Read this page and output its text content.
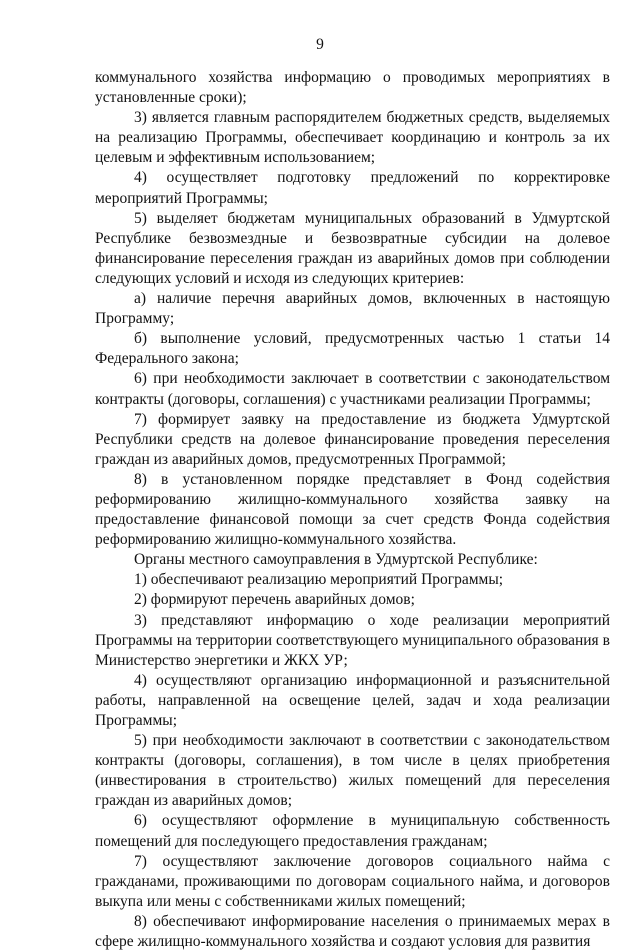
9

коммунального хозяйства информацию о проводимых мероприятиях в установленные сроки);

3) является главным распорядителем бюджетных средств, выделяемых на реализацию Программы, обеспечивает координацию и контроль за их целевым и эффективным использованием;

4) осуществляет подготовку предложений по корректировке мероприятий Программы;

5) выделяет бюджетам муниципальных образований в Удмуртской Республике безвозмездные и безвозвратные субсидии на долевое финансирование переселения граждан из аварийных домов при соблюдении следующих условий и исходя из следующих критериев:

а) наличие перечня аварийных домов, включенных в настоящую Программу;

б) выполнение условий, предусмотренных частью 1 статьи 14 Федерального закона;

6) при необходимости заключает в соответствии с законодательством контракты (договоры, соглашения) с участниками реализации Программы;

7) формирует заявку на предоставление из бюджета Удмуртской Республики средств на долевое финансирование проведения переселения граждан из аварийных домов, предусмотренных Программой;

8) в установленном порядке представляет в Фонд содействия реформированию жилищно-коммунального хозяйства заявку на предоставление финансовой помощи за счет средств Фонда содействия реформированию жилищно-коммунального хозяйства.

Органы местного самоуправления в Удмуртской Республике:

1) обеспечивают реализацию мероприятий Программы;

2) формируют перечень аварийных домов;

3) представляют информацию о ходе реализации мероприятий Программы на территории соответствующего муниципального образования в Министерство энергетики и ЖКХ УР;

4) осуществляют организацию информационной и разъяснительной работы, направленной на освещение целей, задач и хода реализации Программы;

5) при необходимости заключают в соответствии с законодательством контракты (договоры, соглашения), в том числе в целях приобретения (инвестирования в строительство) жилых помещений для переселения граждан из аварийных домов;

6) осуществляют оформление в муниципальную собственность помещений для последующего предоставления гражданам;

7) осуществляют заключение договоров социального найма с гражданами, проживающими по договорам социального найма, и договоров выкупа или мены с собственниками жилых помещений;

8) обеспечивают информирование населения о принимаемых мерах в сфере жилищно-коммунального хозяйства и создают условия для развития
